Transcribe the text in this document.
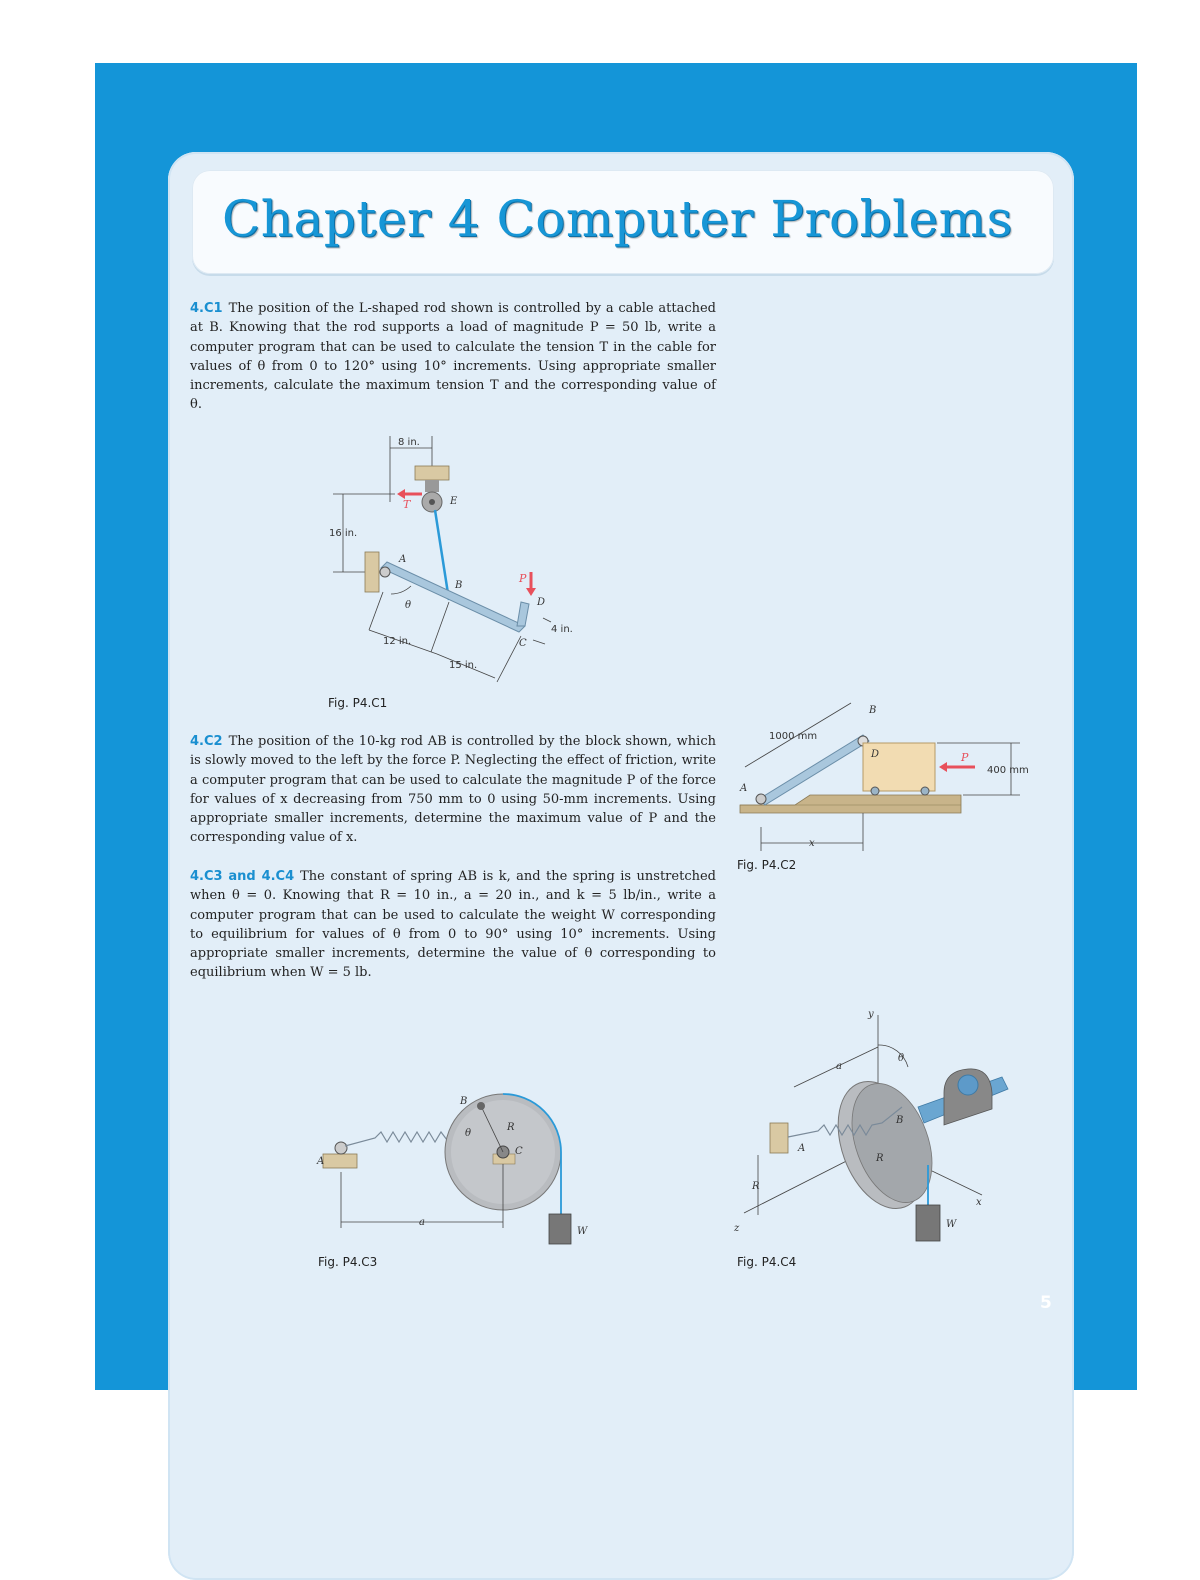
Chapter 4 Computer Problems

4.C1 The position of the L-shaped rod shown is controlled by a cable attached at B. Knowing that the rod supports a load of magnitude P = 50 lb, write a computer program that can be used to calculate the tension T in the cable for values of θ from 0 to 120° using 10° increments. Using appropriate smaller increments, calculate the maximum tension T and the corresponding value of θ.

8 in.
T	E
16 in.
A
B
P
D
C
θ
12 in.
15 in.
4 in.

Fig. P4.C1

4.C2 The position of the 10-kg rod AB is controlled by the block shown, which is slowly moved to the left by the force P. Neglecting the effect of friction, write a computer program that can be used to calculate the magnitude P of the force for values of x decreasing from 750 mm to 0 using 50-mm increments. Using appropriate smaller increments, determine the maximum value of P and the corresponding value of x.

A
B
1000 mm
D	P
400 mm
x

Fig. P4.C2

4.C3 and 4.C4 The constant of spring AB is k, and the spring is unstretched when θ = 0. Knowing that R = 10 in., a = 20 in., and k = 5 lb/in., write a computer program that can be used to calculate the weight W corresponding to equilibrium for values of θ from 0 to 90° using 10° increments. Using appropriate smaller increments, determine the value of θ corresponding to equilibrium when W = 5 lb.

A
B
C
R
θ
W
a

Fig. P4.C3

y
x
z
A
B
R
θ
a
R
W

Fig. P4.C4

5
